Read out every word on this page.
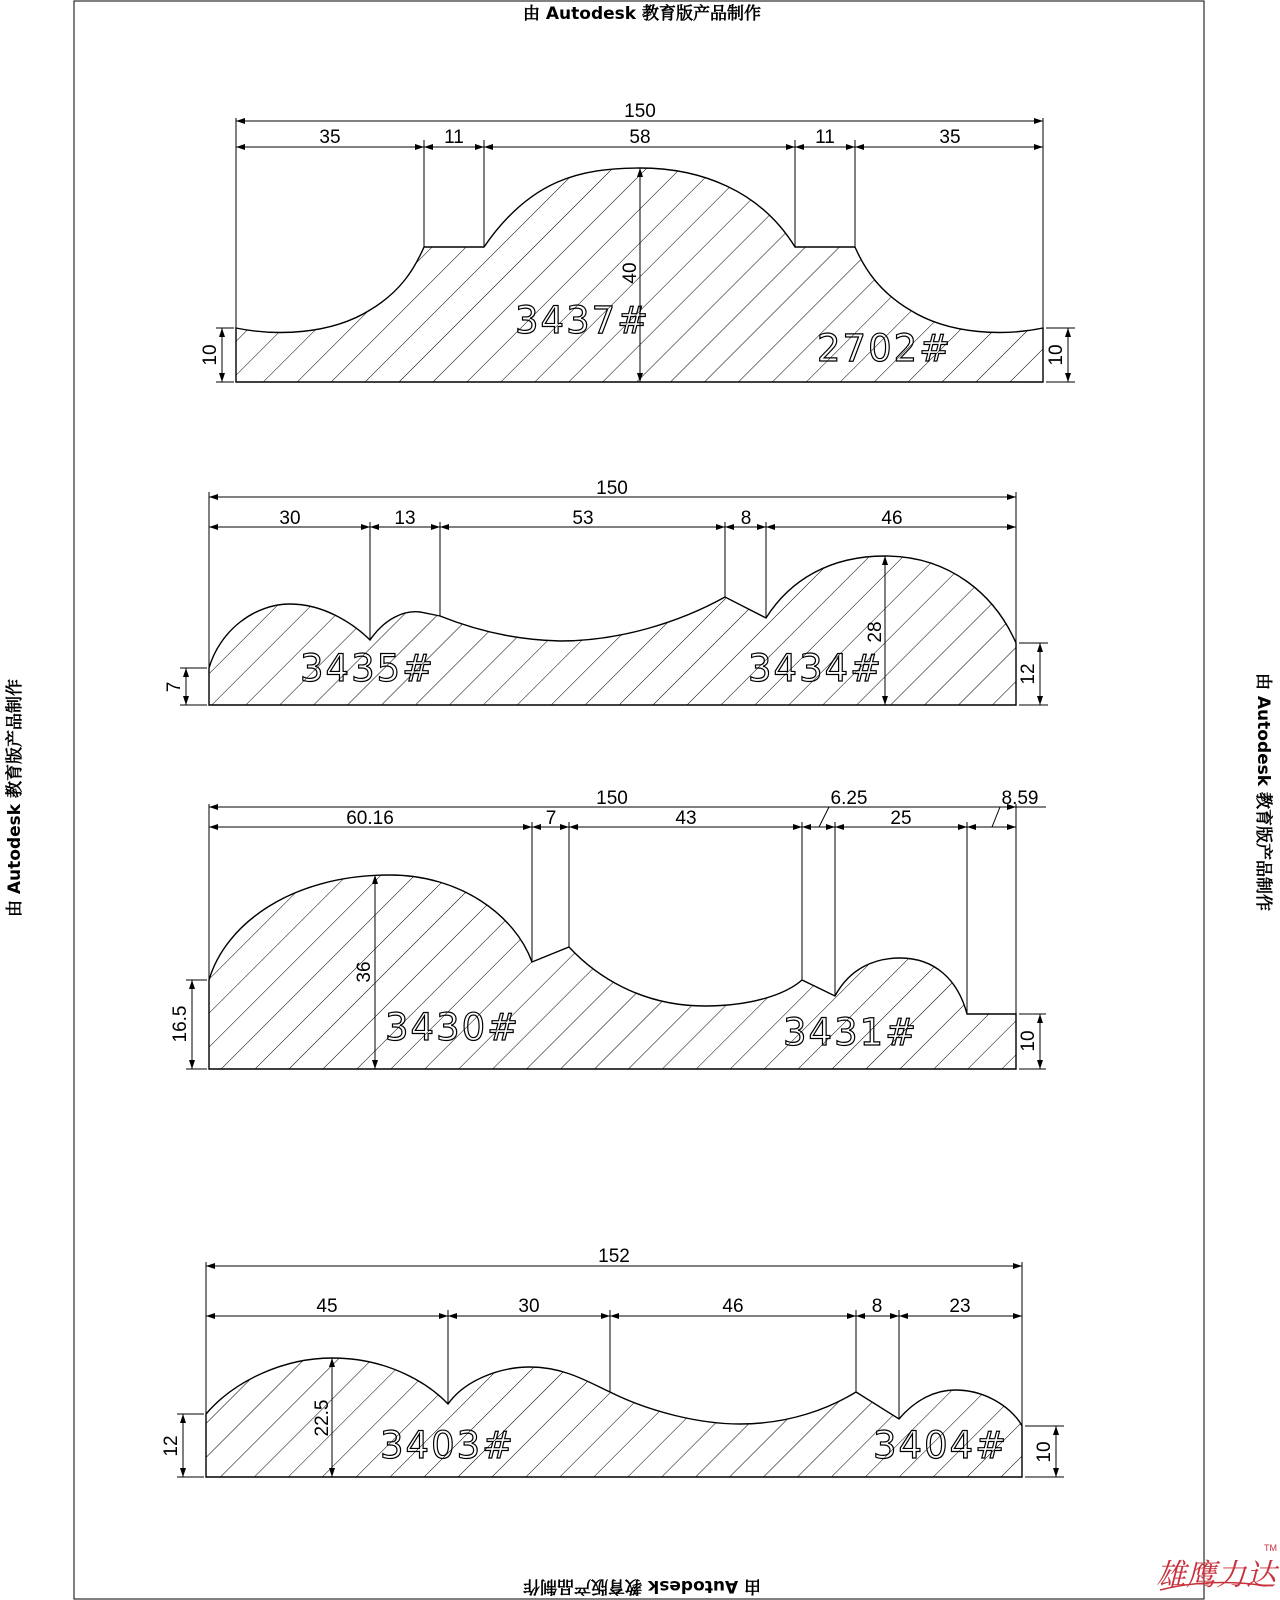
由 Autodesk 教育版产品制作
由 Autodesk 教育版产品制作
由 Autodesk 教育版产品制作	由 Autodesk 教育版产品制作
150
35	11	58	11	35
40
10	10
3437#
2702#
150
30	13	53	8	46
7
28
12
3435#	3434#
150
60.16	7	43
6.25
25
8.59
16.5
36
10
3430#	3431#
152
45	30	46	8	23
12
22.5
10
3403#	3404#
雄鹰力达
TM
